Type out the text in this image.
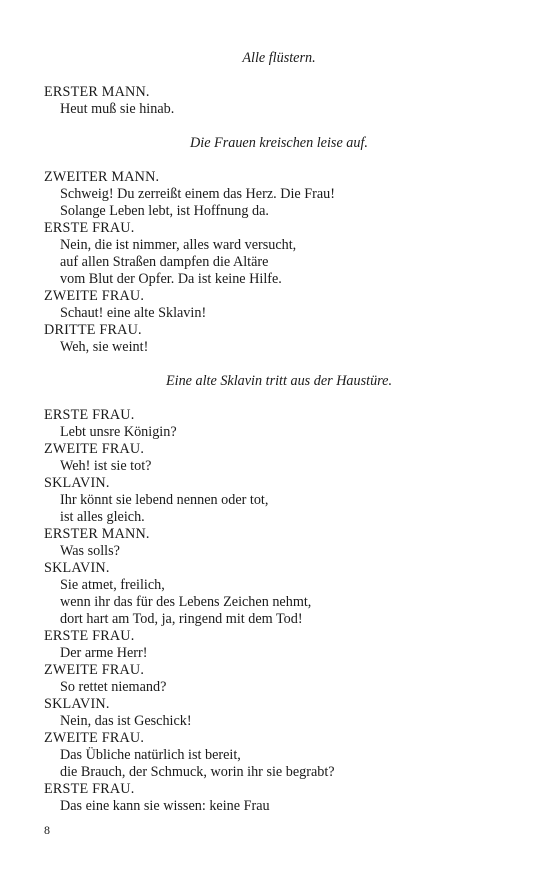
Alle flüstern.
ERSTER MANN.
Heut muß sie hinab.
Die Frauen kreischen leise auf.
ZWEITER MANN.
Schweig! Du zerreißt einem das Herz. Die Frau!
Solange Leben lebt, ist Hoffnung da.
ERSTE FRAU.
Nein, die ist nimmer, alles ward versucht,
auf allen Straßen dampfen die Altäre
vom Blut der Opfer. Da ist keine Hilfe.
ZWEITE FRAU.
Schaut! eine alte Sklavin!
DRITTE FRAU.
Weh, sie weint!
Eine alte Sklavin tritt aus der Haustüre.
ERSTE FRAU.
Lebt unsre Königin?
ZWEITE FRAU.
Weh! ist sie tot?
SKLAVIN.
Ihr könnt sie lebend nennen oder tot,
ist alles gleich.
ERSTER MANN.
Was solls?
SKLAVIN.
Sie atmet, freilich,
wenn ihr das für des Lebens Zeichen nehmt,
dort hart am Tod, ja, ringend mit dem Tod!
ERSTE FRAU.
Der arme Herr!
ZWEITE FRAU.
So rettet niemand?
SKLAVIN.
Nein, das ist Geschick!
ZWEITE FRAU.
Das Übliche natürlich ist bereit,
die Brauch, der Schmuck, worin ihr sie begrabt?
ERSTE FRAU.
Das eine kann sie wissen: keine Frau
8
